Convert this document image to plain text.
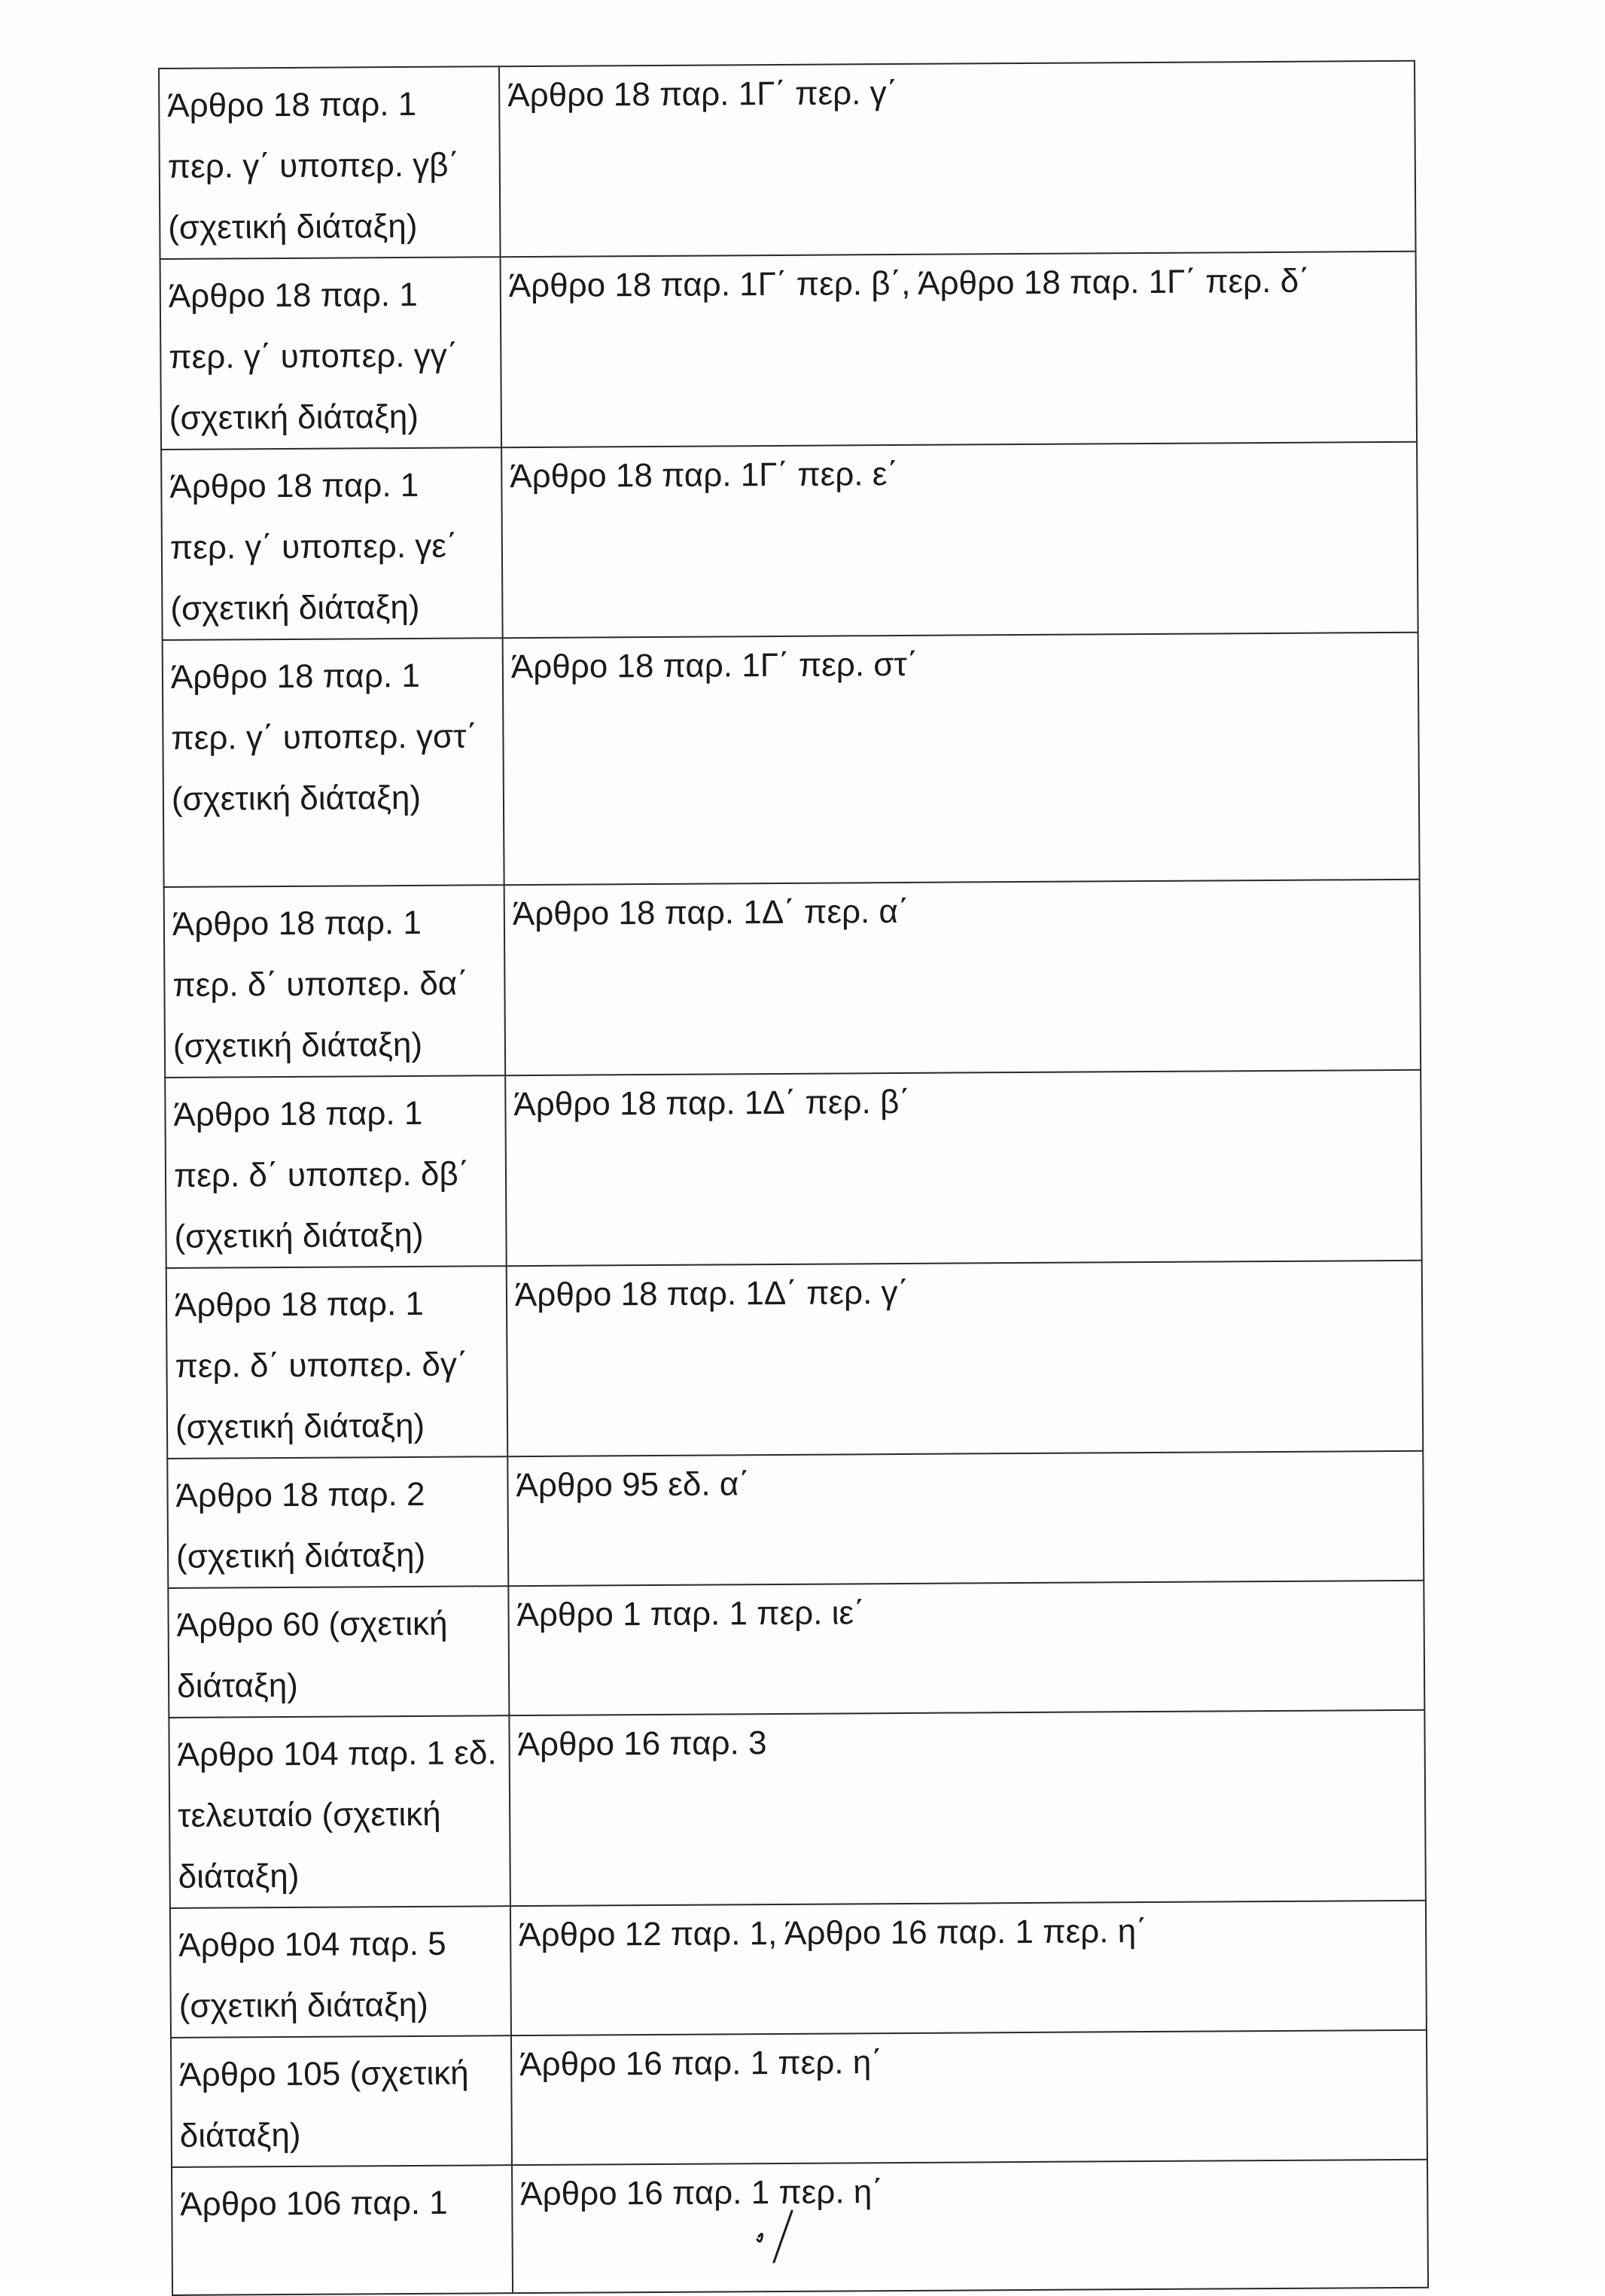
Άρθρο 18 παρ. 1 περ. γ΄ υποπερ. γβ΄ (σχετική διάταξη)	Άρθρο 18 παρ. 1Γ΄ περ. γ΄
Άρθρο 18 παρ. 1 περ. γ΄ υποπερ. γγ΄ (σχετική διάταξη)	Άρθρο 18 παρ. 1Γ΄ περ. β΄, Άρθρο 18 παρ. 1Γ΄ περ. δ΄
Άρθρο 18 παρ. 1 περ. γ΄ υποπερ. γε΄ (σχετική διάταξη)	Άρθρο 18 παρ. 1Γ΄ περ. ε΄
Άρθρο 18 παρ. 1 περ. γ΄ υποπερ. γστ΄ (σχετική διάταξη)	Άρθρο 18 παρ. 1Γ΄ περ. στ΄
Άρθρο 18 παρ. 1 περ. δ΄ υποπερ. δα΄ (σχετική διάταξη)	Άρθρο 18 παρ. 1Δ΄ περ. α΄
Άρθρο 18 παρ. 1 περ. δ΄ υποπερ. δβ΄ (σχετική διάταξη)	Άρθρο 18 παρ. 1Δ΄ περ. β΄
Άρθρο 18 παρ. 1 περ. δ΄ υποπερ. δγ΄ (σχετική διάταξη)	Άρθρο 18 παρ. 1Δ΄ περ. γ΄
Άρθρο 18 παρ. 2 (σχετική διάταξη)	Άρθρο 95 εδ. α΄
Άρθρο 60 (σχετική διάταξη)	Άρθρο 1 παρ. 1 περ. ιε΄
Άρθρο 104 παρ. 1 εδ. τελευταίο (σχετική διάταξη)	Άρθρο 16 παρ. 3
Άρθρο 104 παρ. 5 (σχετική διάταξη)	Άρθρο 12 παρ. 1, Άρθρο 16 παρ. 1 περ. η΄
Άρθρο 105 (σχετική διάταξη)	Άρθρο 16 παρ. 1 περ. η΄
Άρθρο 106 παρ. 1	Άρθρο 16 παρ. 1 περ. η΄
